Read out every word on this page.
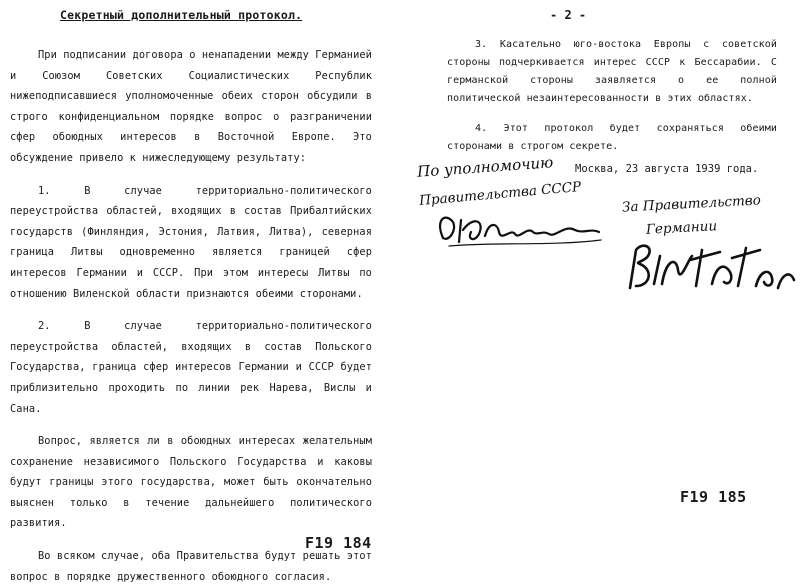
Секретный дополнительный протокол.

При подписании договора о ненападении между Германией и Союзом Советских Социалистических Республик нижеподписавшиеся уполномоченные обеих сторон обсудили в строго конфиденциальном порядке вопрос о разграничении сфер обоюдных интересов в Восточной Европе. Это обсуждение привело к нижеследующему результату:

1. В случае территориально-политического переустройства областей, входящих в состав Прибалтийских государств (Финляндия, Эстония, Латвия, Литва), северная граница Литвы одновременно является границей сфер интересов Германии и СССР. При этом интересы Литвы по отношению Виленской области признаются обеими сторонами.

2. В случае территориально-политического переустройства областей, входящих в состав Польского Государства, граница сфер интересов Германии и СССР будет приблизительно проходить по линии рек Нарева, Вислы и Сана.

Вопрос, является ли в обоюдных интересах желательным сохранение независимого Польского Государства и каковы будут границы этого государства, может быть окончательно выяснен только в течение дальнейшего политического развития.

Во всяком случае, оба Правительства будут решать этот вопрос в порядке дружественного обоюдного согласия.

F19 184
- 2 -

3. Касательно юго-востока Европы с советской стороны подчеркивается интерес СССР к Бессарабии. С германской стороны заявляется о ее полной политической незаинтересованности в этих областях.

4. Этот протокол будет сохраняться обеими сторонами в строгом секрете.

Москва, 23 августа 1939 года.
По уполномочию
Правительства СССР	За Правительство
Германии
F19 185
